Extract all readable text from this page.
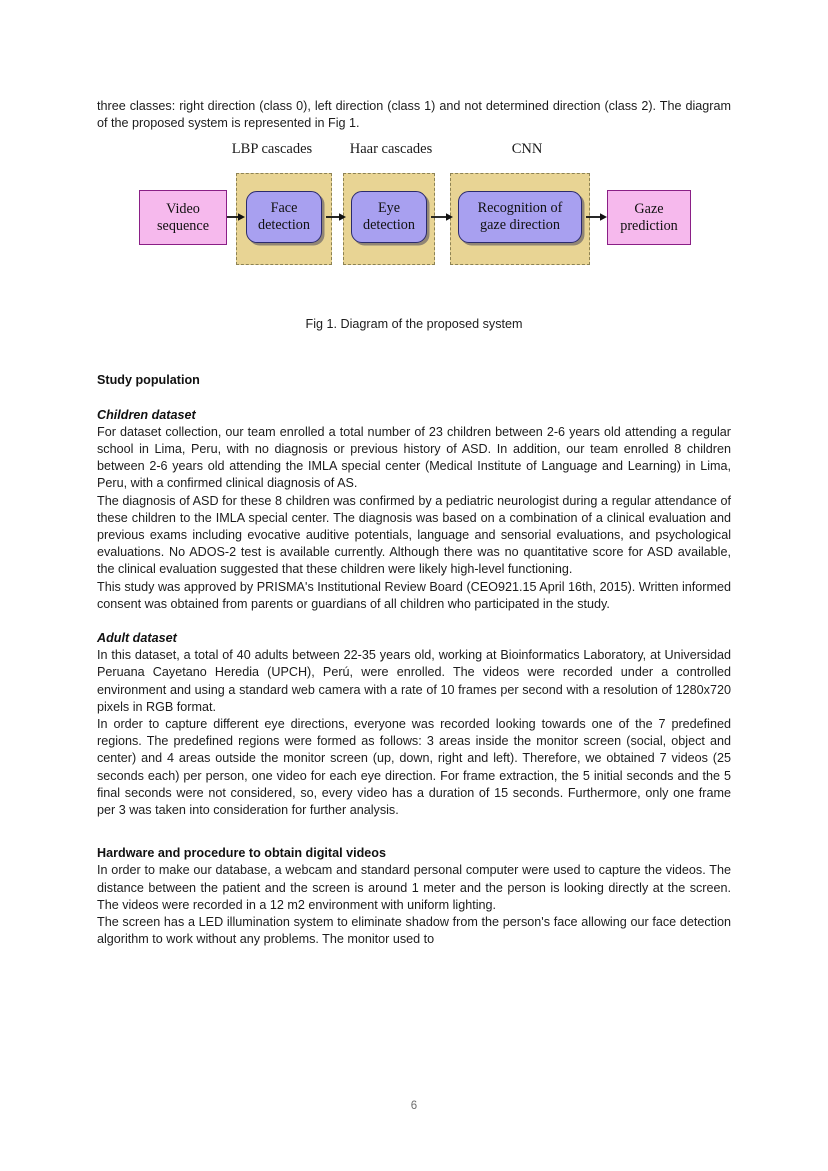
three classes: right direction (class 0), left direction (class 1) and not determined direction (class 2). The diagram of the proposed system is represented in Fig 1.

LBP cascades	Haar cascades	CNN
Video
sequence
Face
detection
Eye
detection
Recognition of
gaze direction
Gaze
prediction
Fig 1. Diagram of the proposed system
Study population
Children dataset

For dataset collection, our team enrolled a total number of 23 children between 2-6 years old attending a regular school in Lima, Peru, with no diagnosis or previous history of ASD. In addition, our team enrolled 8 children between 2-6 years old attending the IMLA special center (Medical Institute of Language and Learning) in Lima, Peru, with a confirmed clinical diagnosis of AS.

The diagnosis of ASD for these 8 children was confirmed by a pediatric neurologist during a regular attendance of these children to the IMLA special center. The diagnosis was based on a combination of a clinical evaluation and previous exams including evocative auditive potentials, language and sensorial evaluations, and psychological evaluations. No ADOS-2 test is available currently. Although there was no quantitative score for ASD available, the clinical evaluation suggested that these children were likely high-level functioning.

This study was approved by PRISMA's Institutional Review Board (CEO921.15 April 16th, 2015). Written informed consent was obtained from parents or guardians of all children who participated in the study.

Adult dataset

In this dataset, a total of 40 adults between 22-35 years old, working at Bioinformatics Laboratory, at Universidad Peruana Cayetano Heredia (UPCH), Perú, were enrolled. The videos were recorded under a controlled environment and using a standard web camera with a rate of 10 frames per second with a resolution of 1280x720 pixels in RGB format.

In order to capture different eye directions, everyone was recorded looking towards one of the 7 predefined regions. The predefined regions were formed as follows: 3 areas inside the monitor screen (social, object and center) and 4 areas outside the monitor screen (up, down, right and left). Therefore, we obtained 7 videos (25 seconds each) per person, one video for each eye direction. For frame extraction, the 5 initial seconds and the 5 final seconds were not considered, so, every video has a duration of 15 seconds. Furthermore, only one frame per 3 was taken into consideration for further analysis.

Hardware and procedure to obtain digital videos

In order to make our database, a webcam and standard personal computer were used to capture the videos. The distance between the patient and the screen is around 1 meter and the person is looking directly at the screen. The videos were recorded in a 12 m2 environment with uniform lighting.

The screen has a LED illumination system to eliminate shadow from the person's face allowing our face detection algorithm to work without any problems. The monitor used to

6
